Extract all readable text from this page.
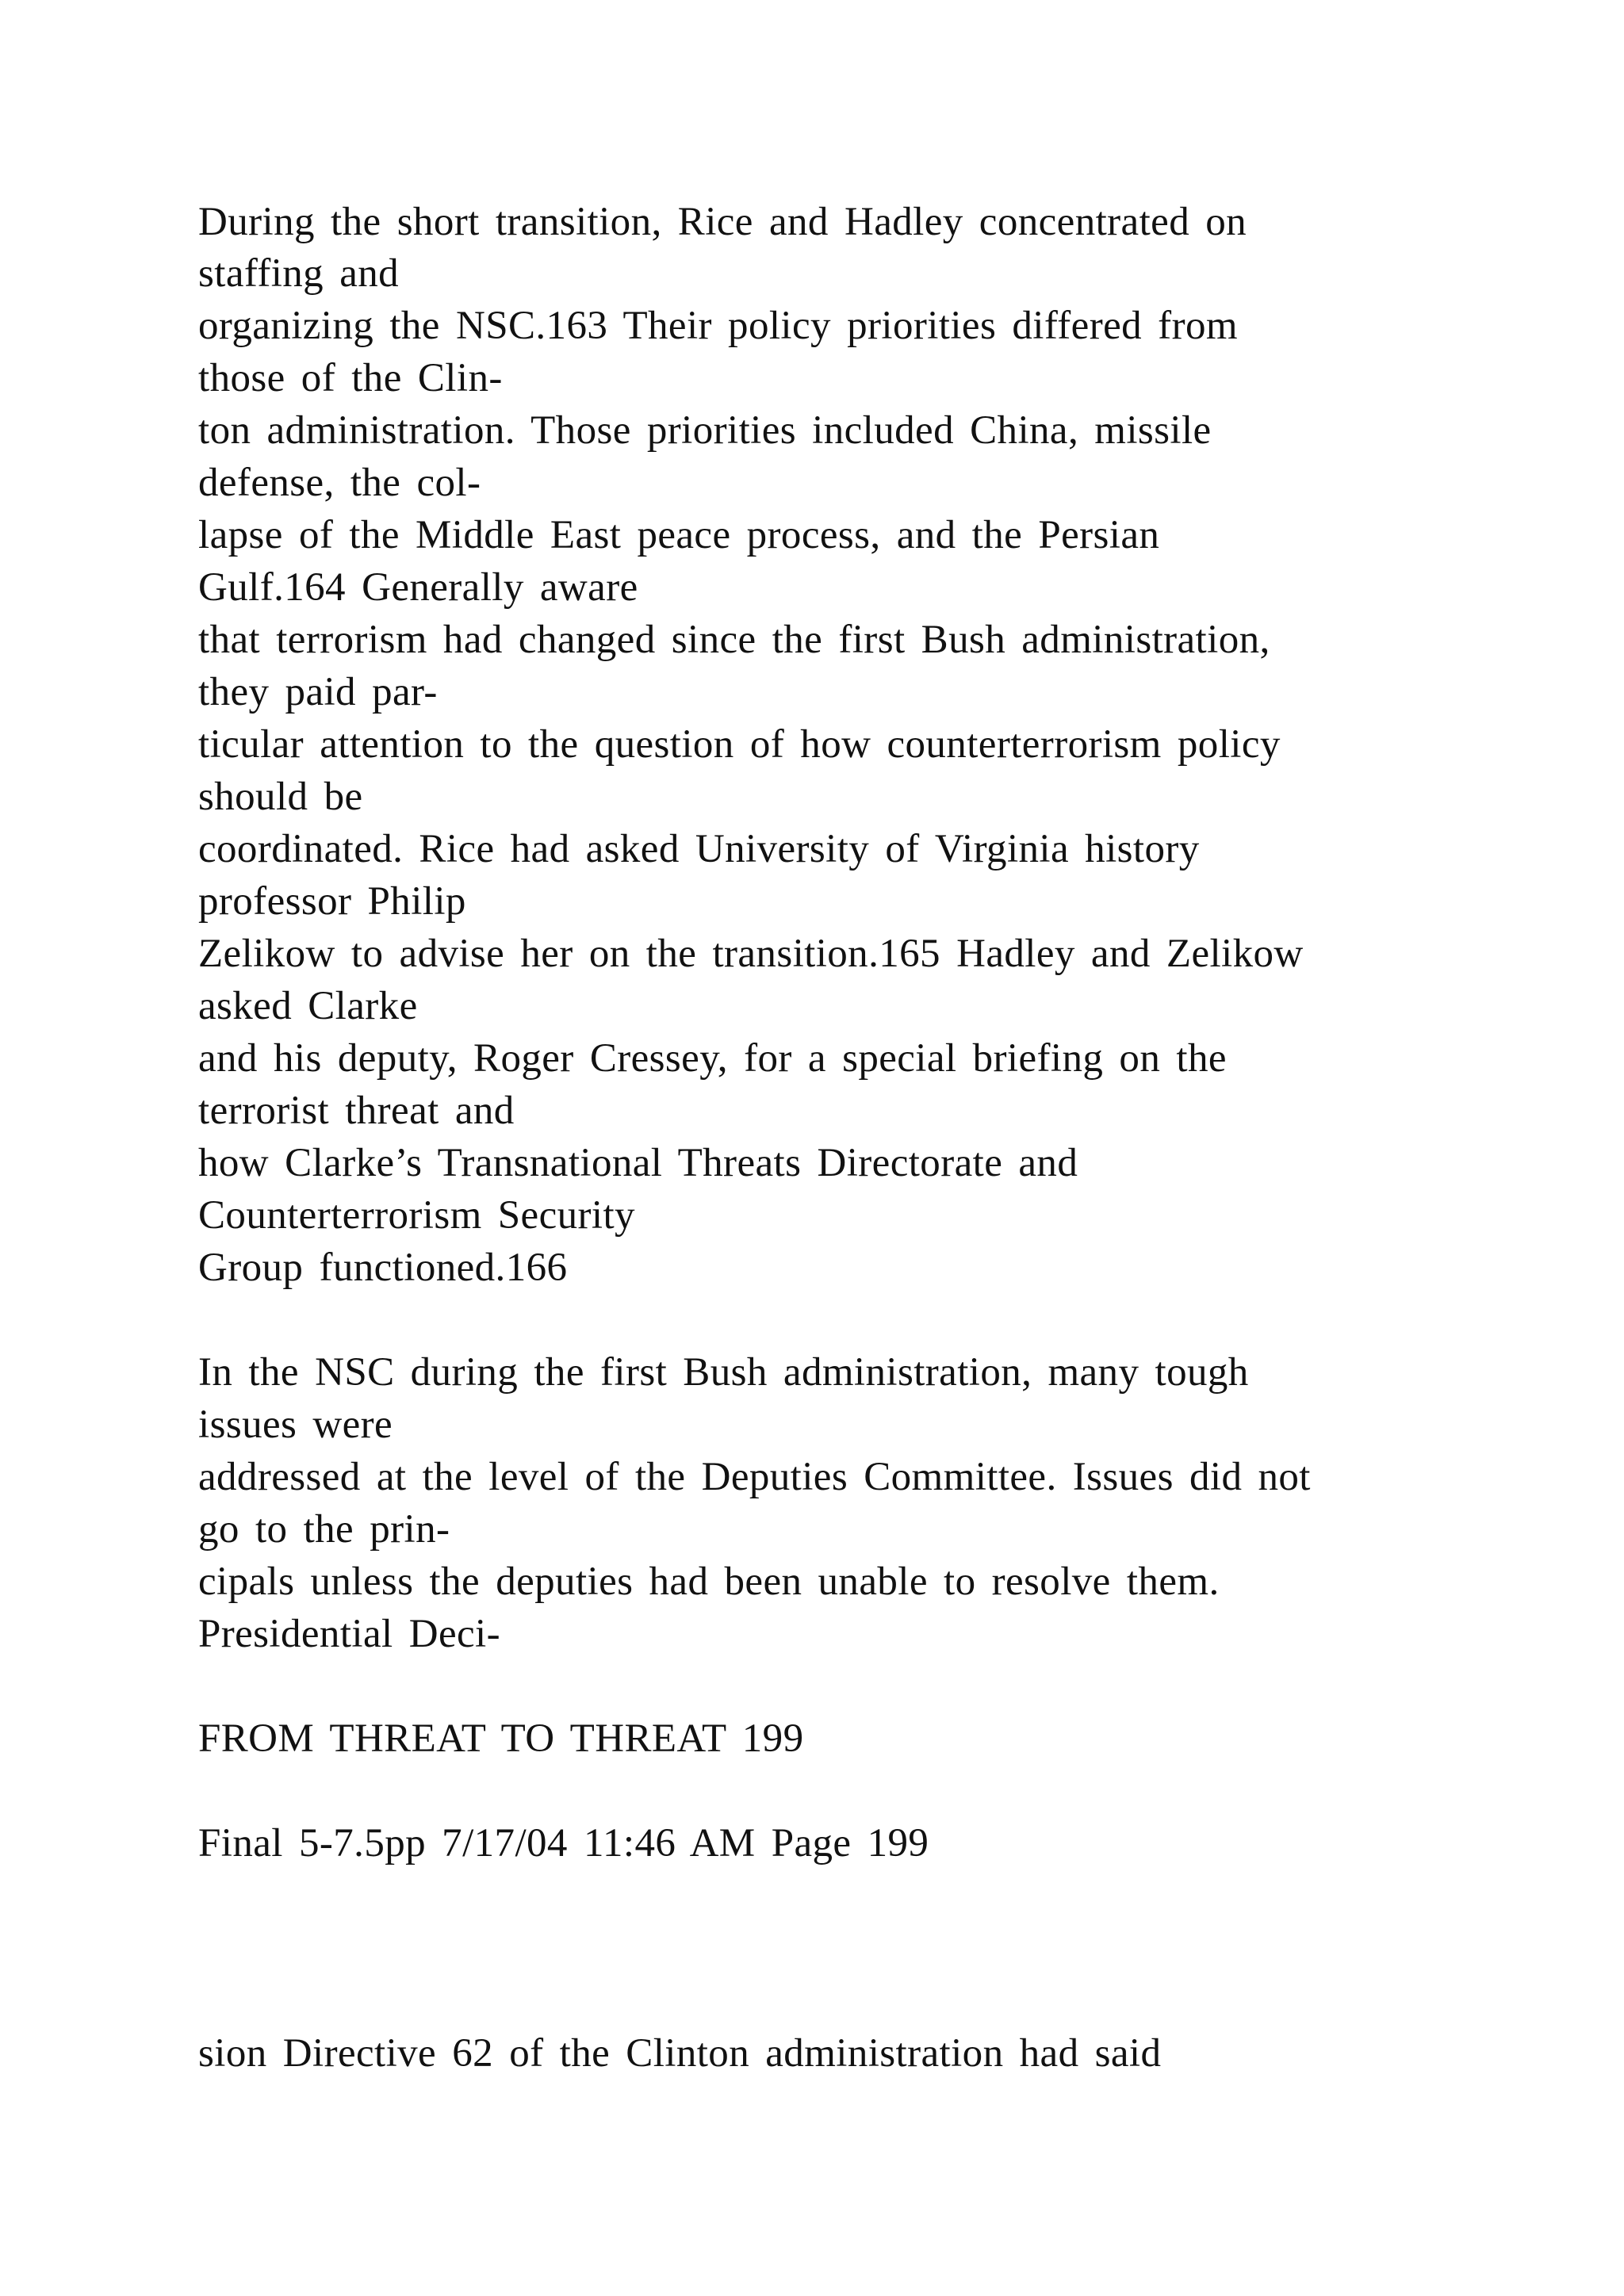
During the short transition, Rice and Hadley concentrated on
staffing and
organizing the NSC.163 Their policy priorities differed from
those of the Clin-
ton administration. Those priorities included China, missile
defense, the col-
lapse of the Middle East peace process, and the Persian
Gulf.164 Generally aware
that terrorism had changed since the first Bush administration,
they paid par-
ticular attention to the question of how counterterrorism policy
should be
coordinated. Rice had asked University of Virginia history
professor Philip
Zelikow to advise her on the transition.165 Hadley and Zelikow
asked Clarke
and his deputy, Roger Cressey, for a special briefing on the
terrorist threat and
how Clarke’s Transnational Threats Directorate and
Counterterrorism Security
Group functioned.166
In the NSC during the first Bush administration, many tough
issues were
addressed at the level of the Deputies Committee. Issues did not
go to the prin-
cipals unless the deputies had been unable to resolve them.
Presidential Deci-
FROM THREAT TO THREAT 199
Final 5-7.5pp 7/17/04 11:46 AM Page 199
sion Directive 62 of the Clinton administration had said
